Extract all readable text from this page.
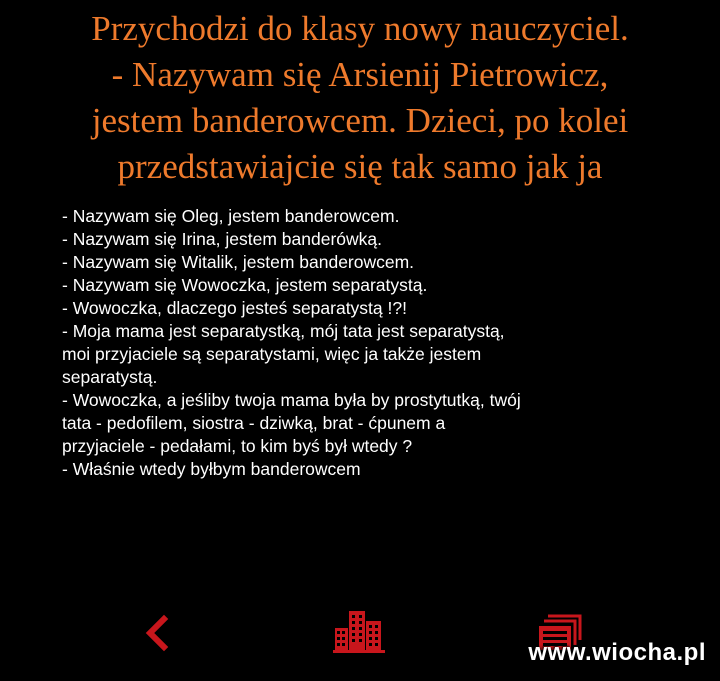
Przychodzi do klasy nowy nauczyciel.
- Nazywam się Arsienij Pietrowicz,
jestem banderowcem. Dzieci, po kolei
przedstawiajcie się tak samo jak ja
- Nazywam się Oleg, jestem banderowcem.
- Nazywam się Irina, jestem banderówką.
- Nazywam się Witalik, jestem banderowcem.
- Nazywam się Wowoczka, jestem separatystą.
- Wowoczka, dlaczego jesteś separatystą !?!
- Moja mama jest separatystką, mój tata jest separatystą,
moi przyjaciele są separatystami, więc ja także jestem
separatystą.
- Wowoczka, a jeśliby twoja mama była by prostytutką, twój
tata - pedofilem, siostra - dziwką, brat - ćpunem a
przyjaciele - pedałami, to kim byś był wtedy ?
- Właśnie wtedy byłbym banderowcem
www.wiocha.pl
